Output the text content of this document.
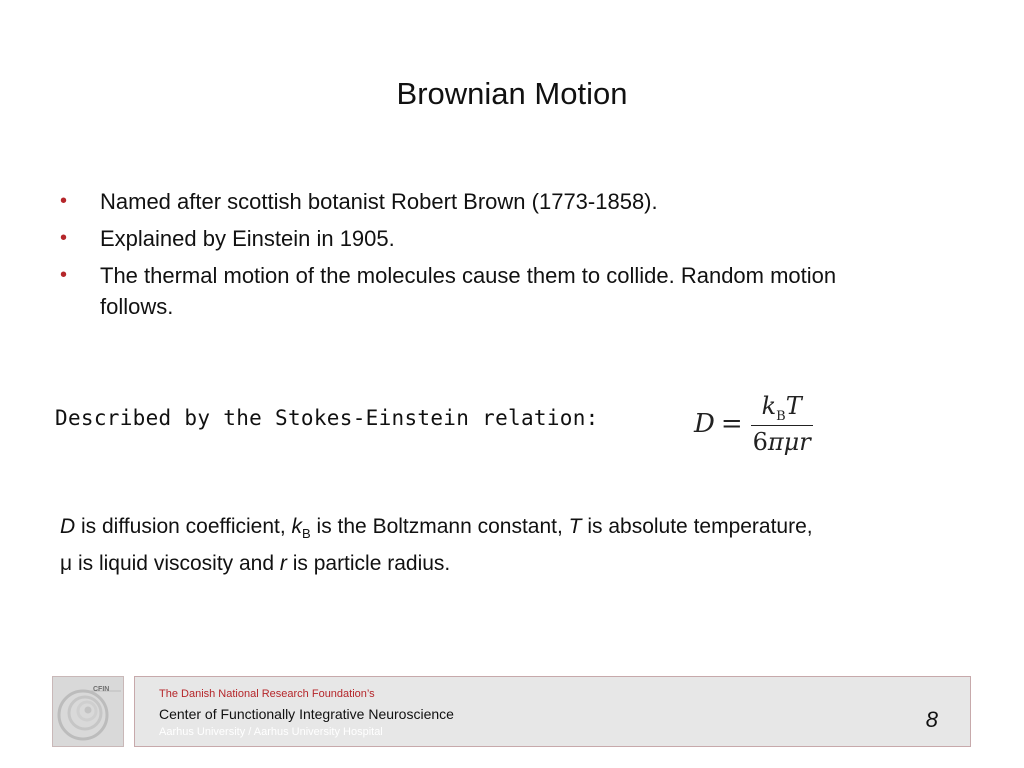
Brownian Motion
• Named after scottish botanist Robert Brown (1773-1858).
• Explained by Einstein in 1905.
• The thermal motion of the molecules cause them to collide. Random motion follows.
Described by the Stokes-Einstein relation:	$D = \frac{k_BT}{\text{6πμr}}$
D is diffusion coefficient, $k_B$ is the Boltzmann constant, T is absolute temperature,
μ is liquid viscosity and r is particle radius.
CFIN	The Danish National Research Foundation’s
Center of Functionally Integrative Neuroscience
Aarhus University / Aarhus University Hospital	8
